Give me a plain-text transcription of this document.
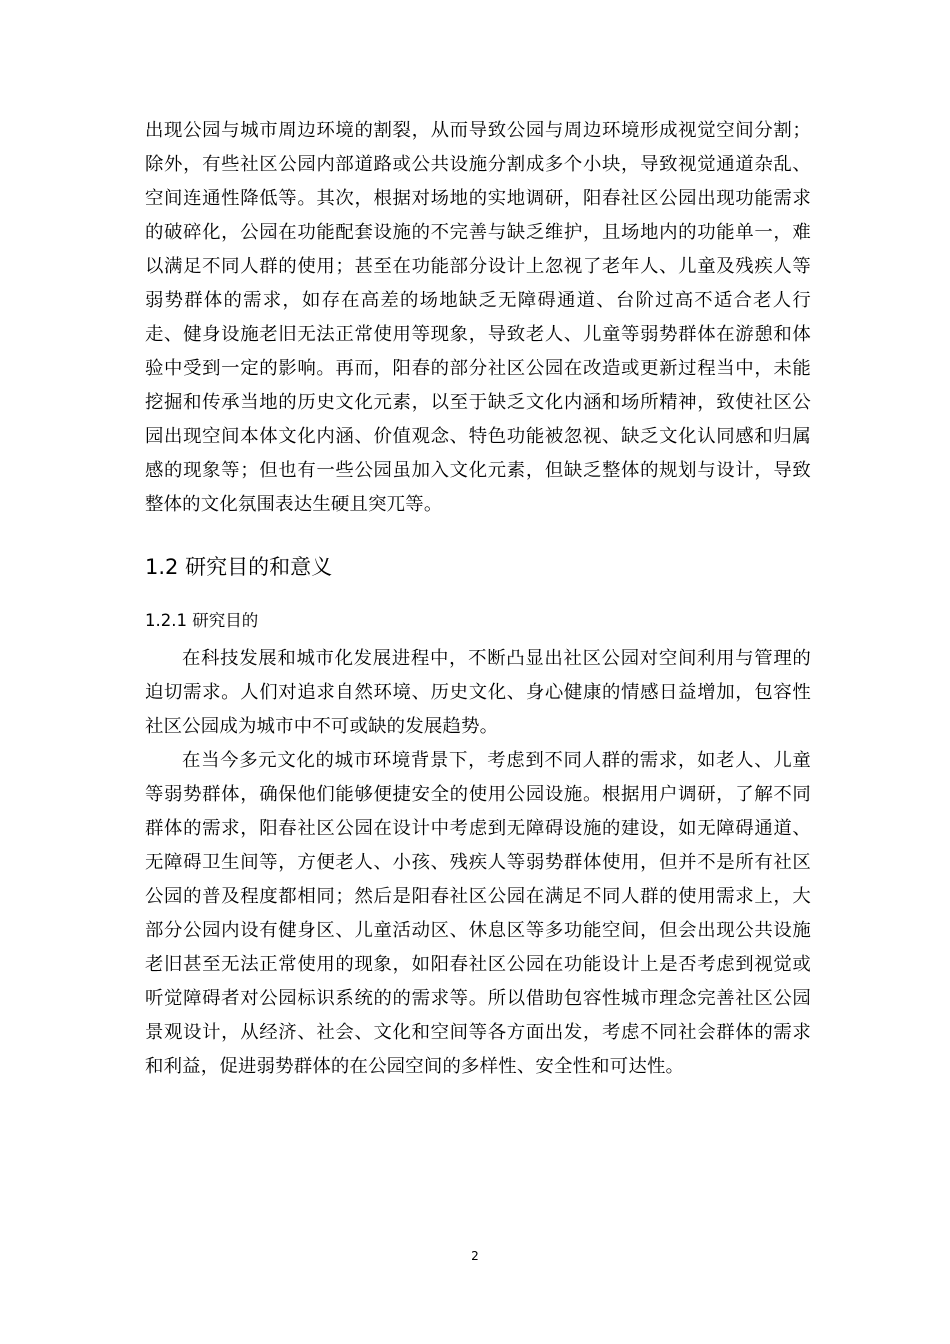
出现公园与城市周边环境的割裂，从而导致公园与周边环境形成视觉空间分割；除外，有些社区公园内部道路或公共设施分割成多个小块，导致视觉通道杂乱、空间连通性降低等。其次，根据对场地的实地调研，阳春社区公园出现功能需求的破碎化，公园在功能配套设施的不完善与缺乏维护，且场地内的功能单一，难以满足不同人群的使用；甚至在功能部分设计上忽视了老年人、儿童及残疾人等弱势群体的需求，如存在高差的场地缺乏无障碍通道、台阶过高不适合老人行走、健身设施老旧无法正常使用等现象，导致老人、儿童等弱势群体在游憩和体验中受到一定的影响。再而，阳春的部分社区公园在改造或更新过程当中，未能挖掘和传承当地的历史文化元素，以至于缺乏文化内涵和场所精神，致使社区公园出现空间本体文化内涵、价值观念、特色功能被忽视、缺乏文化认同感和归属感的现象等；但也有一些公园虽加入文化元素，但缺乏整体的规划与设计，导致整体的文化氛围表达生硬且突兀等。

1.2 研究目的和意义
1.2.1 研究目的

在科技发展和城市化发展进程中，不断凸显出社区公园对空间利用与管理的迫切需求。人们对追求自然环境、历史文化、身心健康的情感日益增加，包容性社区公园成为城市中不可或缺的发展趋势。

在当今多元文化的城市环境背景下，考虑到不同人群的需求，如老人、儿童等弱势群体，确保他们能够便捷安全的使用公园设施。根据用户调研，了解不同群体的需求，阳春社区公园在设计中考虑到无障碍设施的建设，如无障碍通道、无障碍卫生间等，方便老人、小孩、残疾人等弱势群体使用，但并不是所有社区公园的普及程度都相同；然后是阳春社区公园在满足不同人群的使用需求上，大部分公园内设有健身区、儿童活动区、休息区等多功能空间，但会出现公共设施老旧甚至无法正常使用的现象，如阳春社区公园在功能设计上是否考虑到视觉或听觉障碍者对公园标识系统的的需求等。所以借助包容性城市理念完善社区公园景观设计，从经济、社会、文化和空间等各方面出发，考虑不同社会群体的需求和利益，促进弱势群体的在公园空间的多样性、安全性和可达性。

2
